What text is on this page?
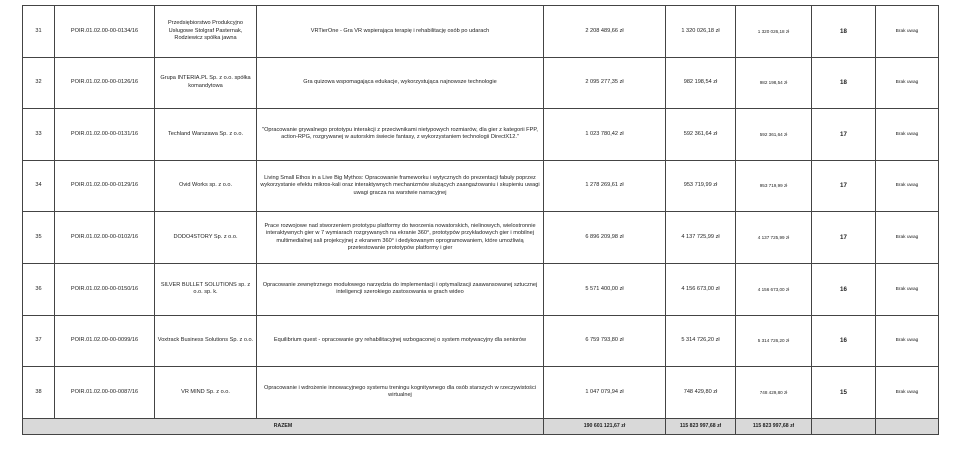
31	POIR.01.02.00-00-0134/16	Przedsiębiorstwo Produkcyjno Usługowe Stolgraf Pasternak, Rodziewicz spółka jawna	VRTierOne - Gra VR wspierająca terapię i rehabilitację osób po udarach	2 208 489,66 zł	1 320 026,18 zł	1 320 026,18 zł	18	Brak uwag
32	POIR.01.02.00-00-0126/16	Grupa INTERIA.PL Sp. z o.o. spółka komandytowa	Gra quizowa wspomagająca edukacje, wykorzystująca najnowsze technologie	2 095 277,35 zł	982 198,54 zł	982 198,54 zł	18	Brak uwag
33	POIR.01.02.00-00-0131/16	Techland Warszawa Sp. z o.o.	"Opracowanie grywalnego prototypu interakcji z przeciwnikami nietypowych rozmiarów, dla gier z kategorii FPP, action-RPG, rozgrywanej w autorskim świecie fantasy, z wykorzystaniem technologii DirectX12."	1 023 780,42 zł	592 361,64 zł	592 361,64 zł	17	Brak uwag
34	POIR.01.02.00-00-0129/16	Ovid Works sp. z o.o.	Living Small Ethos in a Live Big Mythos: Opracowanie frameworku i wytycznych do prezentacji fabuły poprzez wykorzystanie efektu mikros-kali oraz interaktywnych mechanizmów służących zaangażowaniu i skupieniu uwagi uwagi gracza na warstwie narracyjnej	1 278 269,61 zł	953 719,99 zł	953 719,99 zł	17	Brak uwag
35	POIR.01.02.00-00-0102/16	DODO4STORY Sp. z o.o.	Prace rozwojowe nad stworzeniem prototypu platformy do tworzenia nowatorskich, nielinowych, wielostronnie interaktywnych gier w 7 wymiarach rozgrywanych na ekranie 360°, prototypów przykładowych gier i mobilnej multimedialnej sali projekcyjnej z ekranem 360° i dedykowanym oprogramowaniem, które umożliwią przetestowanie prototypów platformy i gier	6 896 209,98 zł	4 137 725,99 zł	4 137 725,99 zł	17	Brak uwag
36	POIR.01.02.00-00-0150/16	SILVER BULLET SOLUTIONS sp. z o.o. sp. k.	Opracowanie zewnętrznego modułowego narzędzia do implementacji i optymalizacji zaawansowanej sztucznej inteligencji szerokiego zastosowania w grach wideo	5 571 400,00 zł	4 156 673,00 zł	4 156 673,00 zł	16	Brak uwag
37	POIR.01.02.00-00-0099/16	Voxtrack Business Solutions Sp. z o.o.	Equilibrium quest - opracowanie gry rehabilitacyjnej wzbogaconej o system motywacyjny dla seniorów	6 759 793,80 zł	5 314 726,20 zł	5 314 726,20 zł	16	Brak uwag
38	POIR.01.02.00-00-0087/16	VR MIND Sp. z o.o.	Opracowanie i wdrożenie innowacyjnego systemu treningu kognitywnego dla osób starszych w rzeczywistości wirtualnej	1 047 079,94 zł	748 429,80 zł	748 429,80 zł	15	Brak uwag
RAZEM				190 601 121,67 zł	115 823 997,68 zł	115 823 997,68 zł		
